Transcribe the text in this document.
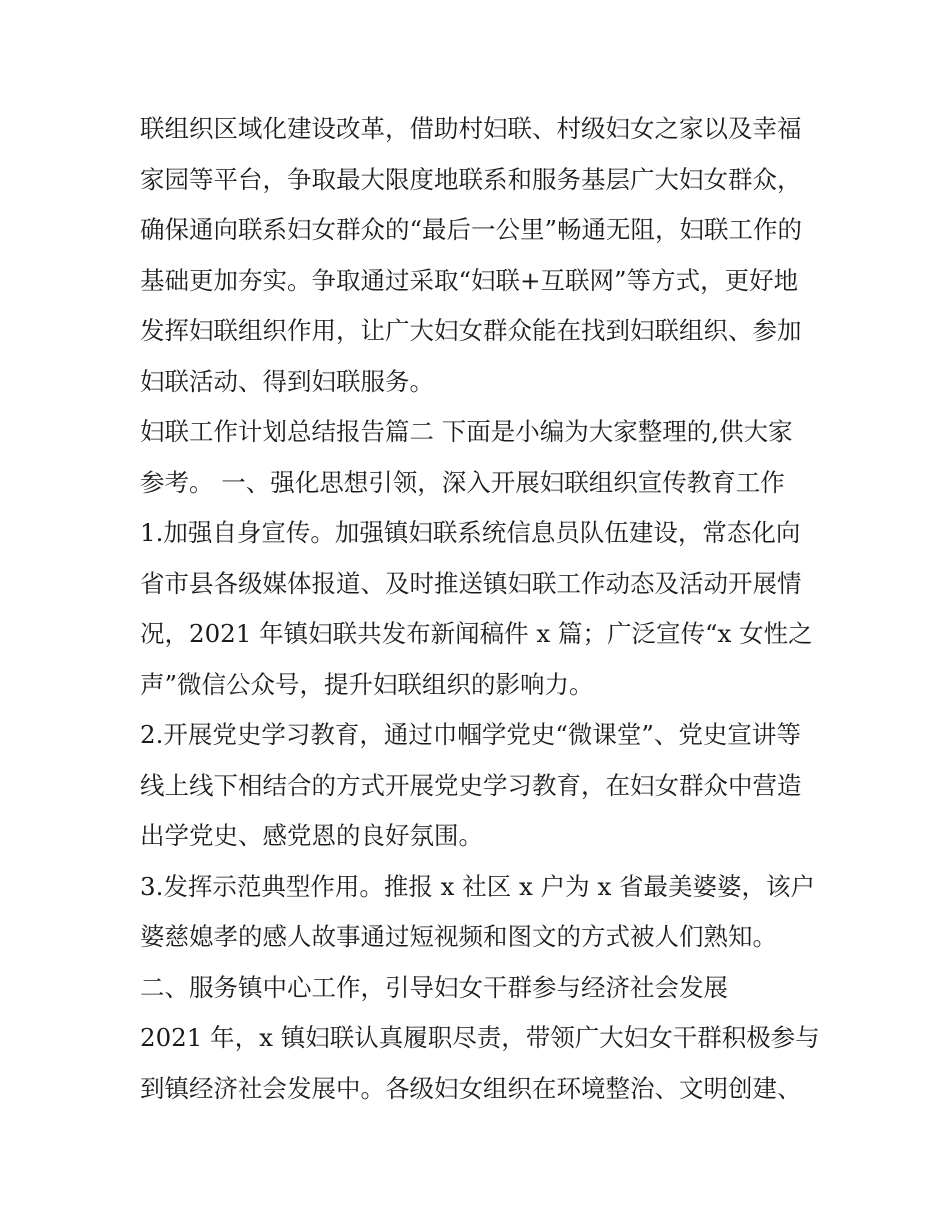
联组织区域化建设改革，借助村妇联、村级妇女之家以及幸福
家园等平台，争取最大限度地联系和服务基层广大妇女群众，
确保通向联系妇女群众的“最后一公里”畅通无阻，妇联工作的
基础更加夯实。争取通过采取“妇联+互联网”等方式，更好地
发挥妇联组织作用，让广大妇女群众能在找到妇联组织、参加
妇联活动、得到妇联服务。
妇联工作计划总结报告篇二 下面是小编为大家整理的,供大家
参考。 一、强化思想引领，深入开展妇联组织宣传教育工作
1.加强自身宣传。加强镇妇联系统信息员队伍建设，常态化向
省市县各级媒体报道、及时推送镇妇联工作动态及活动开展情
况，2021 年镇妇联共发布新闻稿件 x 篇；广泛宣传“x 女性之
声”微信公众号，提升妇联组织的影响力。
2.开展党史学习教育，通过巾帼学党史“微课堂”、党史宣讲等
线上线下相结合的方式开展党史学习教育，在妇女群众中营造
出学党史、感党恩的良好氛围。
3.发挥示范典型作用。推报 x 社区 x 户为 x 省最美婆婆，该户
婆慈媳孝的感人故事通过短视频和图文的方式被人们熟知。
二、服务镇中心工作，引导妇女干群参与经济社会发展
2021 年，x 镇妇联认真履职尽责，带领广大妇女干群积极参与
到镇经济社会发展中。各级妇女组织在环境整治、文明创建、
